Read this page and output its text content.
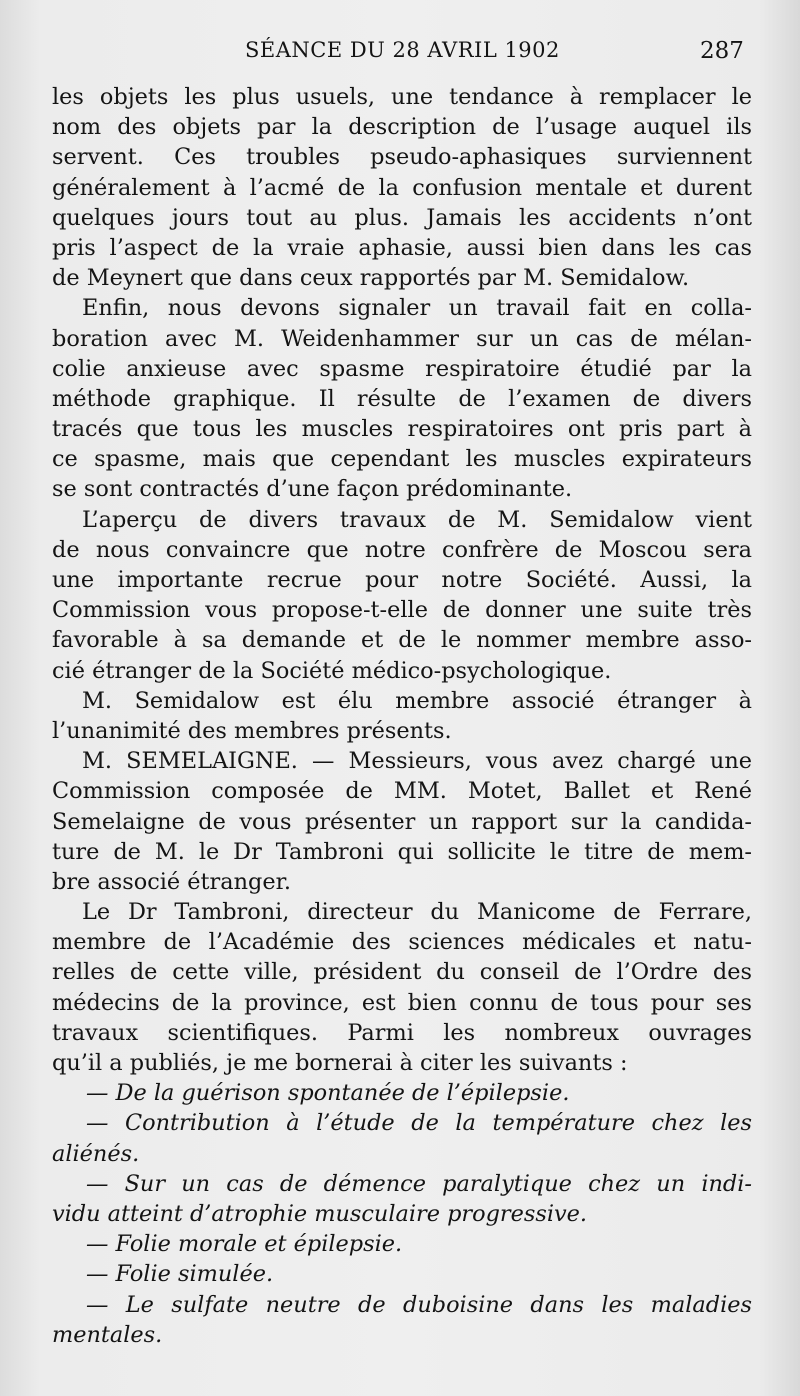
SÉANCE DU 28 AVRIL 1902	287
les objets les plus usuels, une tendance à remplacer le
nom des objets par la description de l’usage auquel ils
servent. Ces troubles pseudo-aphasiques surviennent
généralement à l’acmé de la confusion mentale et durent
quelques jours tout au plus. Jamais les accidents n’ont
pris l’aspect de la vraie aphasie, aussi bien dans les cas
de Meynert que dans ceux rapportés par M. Semidalow.
Enfin, nous devons signaler un travail fait en colla-
boration avec M. Weidenhammer sur un cas de mélan-
colie anxieuse avec spasme respiratoire étudié par la
méthode graphique. Il résulte de l’examen de divers
tracés que tous les muscles respiratoires ont pris part à
ce spasme, mais que cependant les muscles expirateurs
se sont contractés d’une façon prédominante.
L’aperçu de divers travaux de M. Semidalow vient
de nous convaincre que notre confrère de Moscou sera
une importante recrue pour notre Société. Aussi, la
Commission vous propose-t-elle de donner une suite très
favorable à sa demande et de le nommer membre asso-
cié étranger de la Société médico-psychologique.
M. Semidalow est élu membre associé étranger à
l’unanimité des membres présents.
M. SEMELAIGNE. — Messieurs, vous avez chargé une
Commission composée de MM. Motet, Ballet et René
Semelaigne de vous présenter un rapport sur la candida-
ture de M. le Dr Tambroni qui sollicite le titre de mem-
bre associé étranger.
Le Dr Tambroni, directeur du Manicome de Ferrare,
membre de l’Académie des sciences médicales et natu-
relles de cette ville, président du conseil de l’Ordre des
médecins de la province, est bien connu de tous pour ses
travaux scientifiques. Parmi les nombreux ouvrages
qu’il a publiés, je me bornerai à citer les suivants :
— De la guérison spontanée de l’épilepsie.
— Contribution à l’étude de la température chez les
aliénés.
— Sur un cas de démence paralytique chez un indi-
vidu atteint d’atrophie musculaire progressive.
— Folie morale et épilepsie.
— Folie simulée.
— Le sulfate neutre de duboisine dans les maladies
mentales.
